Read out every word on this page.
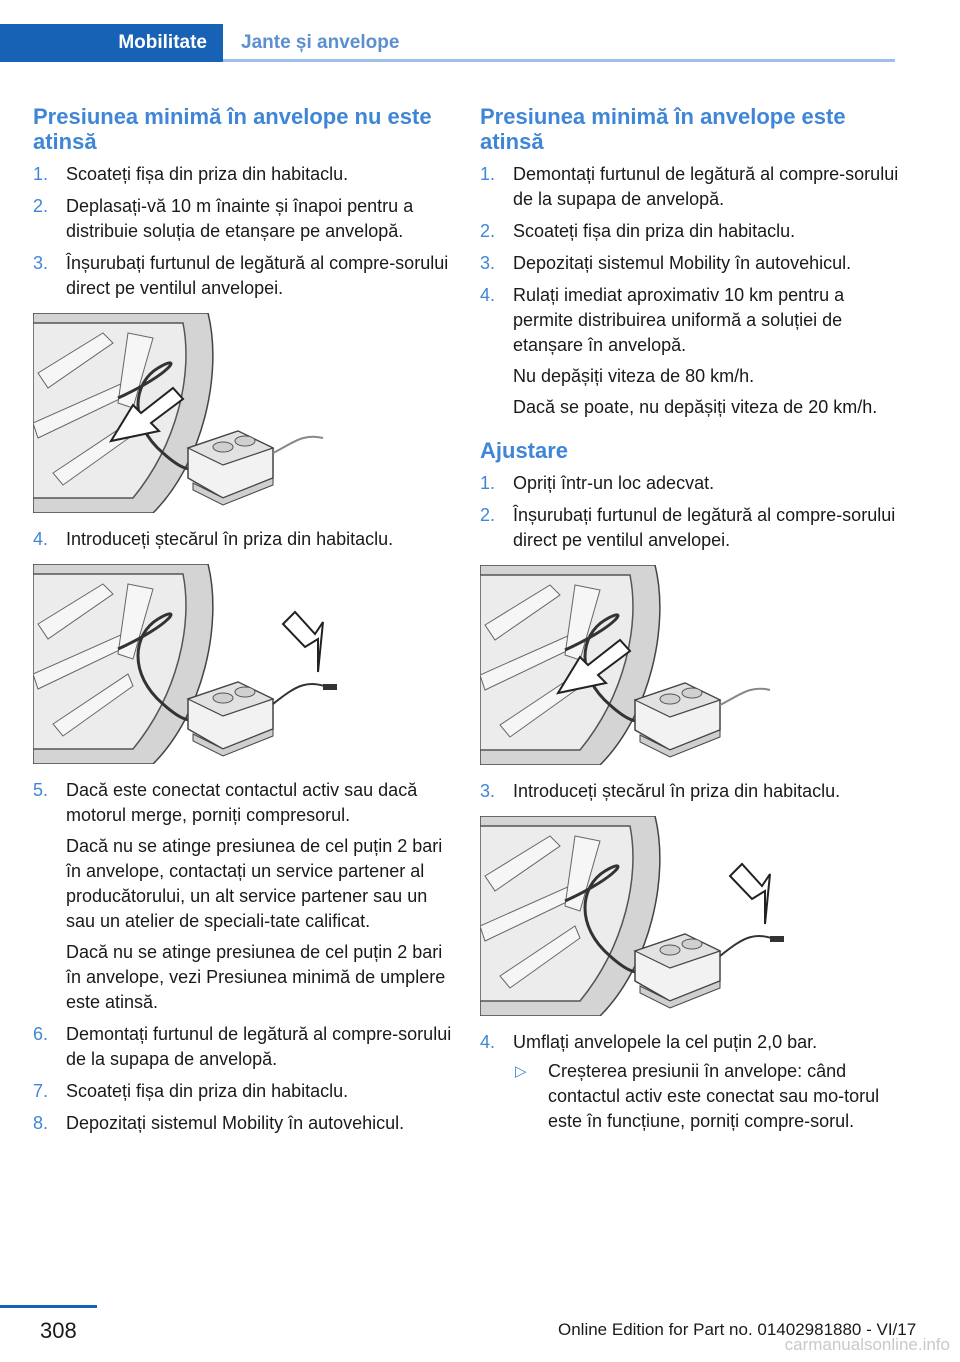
Mobilitate Jante și anvelope
Presiunea minimă în anvelope nu este atinsă
1. Scoateți fișa din priza din habitaclu.
2. Deplasați-vă 10 m înainte și înapoi pentru a distribuie soluția de etanșare pe anvelopă.
3. Înșurubați furtunul de legătură al compre-sorului direct pe ventilul anvelopei.
4. Introduceți ștecărul în priza din habitaclu.
5. Dacă este conectat contactul activ sau dacă motorul merge, porniți compresorul.

Dacă nu se atinge presiunea de cel puțin 2 bari în anvelope, contactați un service partener al producătorului, un alt service partener sau un sau un atelier de speciali-tate calificat.

Dacă nu se atinge presiunea de cel puțin 2 bari în anvelope, vezi Presiunea minimă de umplere este atinsă.

6. Demontați furtunul de legătură al compre-sorului de la supapa de anvelopă.
7. Scoateți fișa din priza din habitaclu.
8. Depozitați sistemul Mobility în autovehicul.
Presiunea minimă în anvelope este atinsă
1. Demontați furtunul de legătură al compre-sorului de la supapa de anvelopă.
2. Scoateți fișa din priza din habitaclu.
3. Depozitați sistemul Mobility în autovehicul.
4. Rulați imediat aproximativ 10 km pentru a permite distribuirea uniformă a soluției de etanșare în anvelopă.

Nu depășiți viteza de 80 km/h.

Dacă se poate, nu depășiți viteza de 20 km/h.

Ajustare
1. Opriți într-un loc adecvat.
2. Înșurubați furtunul de legătură al compre-sorului direct pe ventilul anvelopei.
3. Introduceți ștecărul în priza din habitaclu.
4. Umflați anvelopele la cel puțin 2,0 bar.
▷ Creșterea presiunii în anvelope: când contactul activ este conectat sau mo-torul este în funcțiune, porniți compre-sorul.
308	Online Edition for Part no. 01402981880 - VI/17
carmanualsonline.info
